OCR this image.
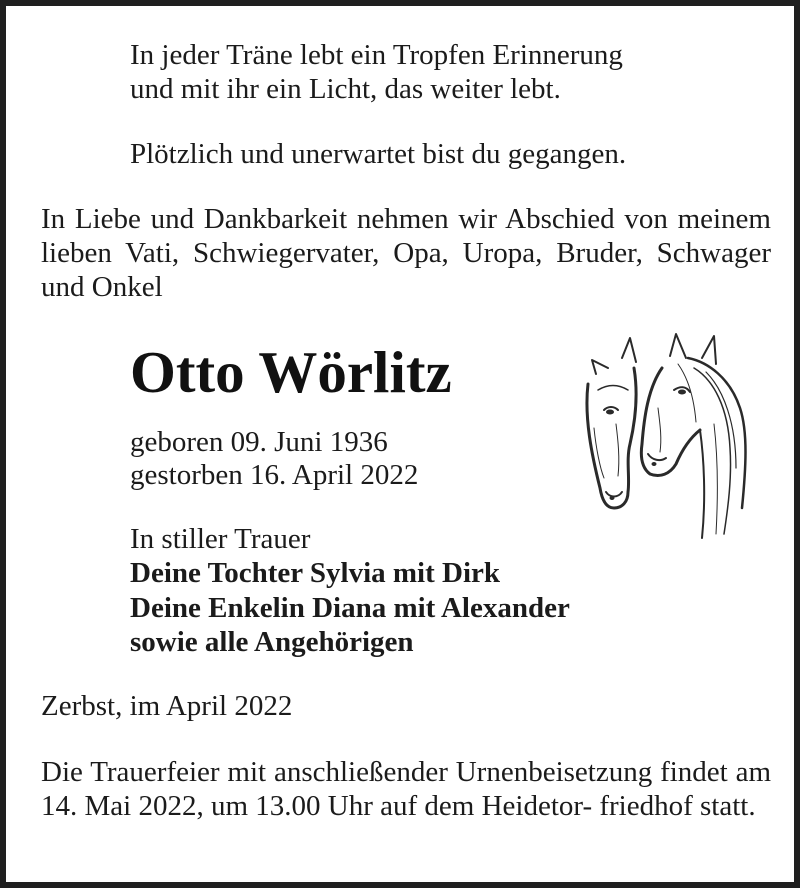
In jeder Träne lebt ein Tropfen Erinnerung

und mit ihr ein Licht, das weiter lebt.

Plötzlich und unerwartet bist du gegangen.

In Liebe und Dankbarkeit nehmen wir Abschied von meinem lieben Vati, Schwiegervater, Opa, Uropa, Bruder, Schwager und Onkel

Otto Wörlitz

geboren 09. Juni 1936

gestorben 16. April 2022

In stiller Trauer

Deine Tochter Sylvia mit Dirk

Deine Enkelin Diana mit Alexander

sowie alle Angehörigen

Zerbst, im April 2022

Die Trauerfeier mit anschließender Urnenbeisetzung findet am 14. Mai 2022, um 13.00 Uhr auf dem Heidetor- friedhof statt.
